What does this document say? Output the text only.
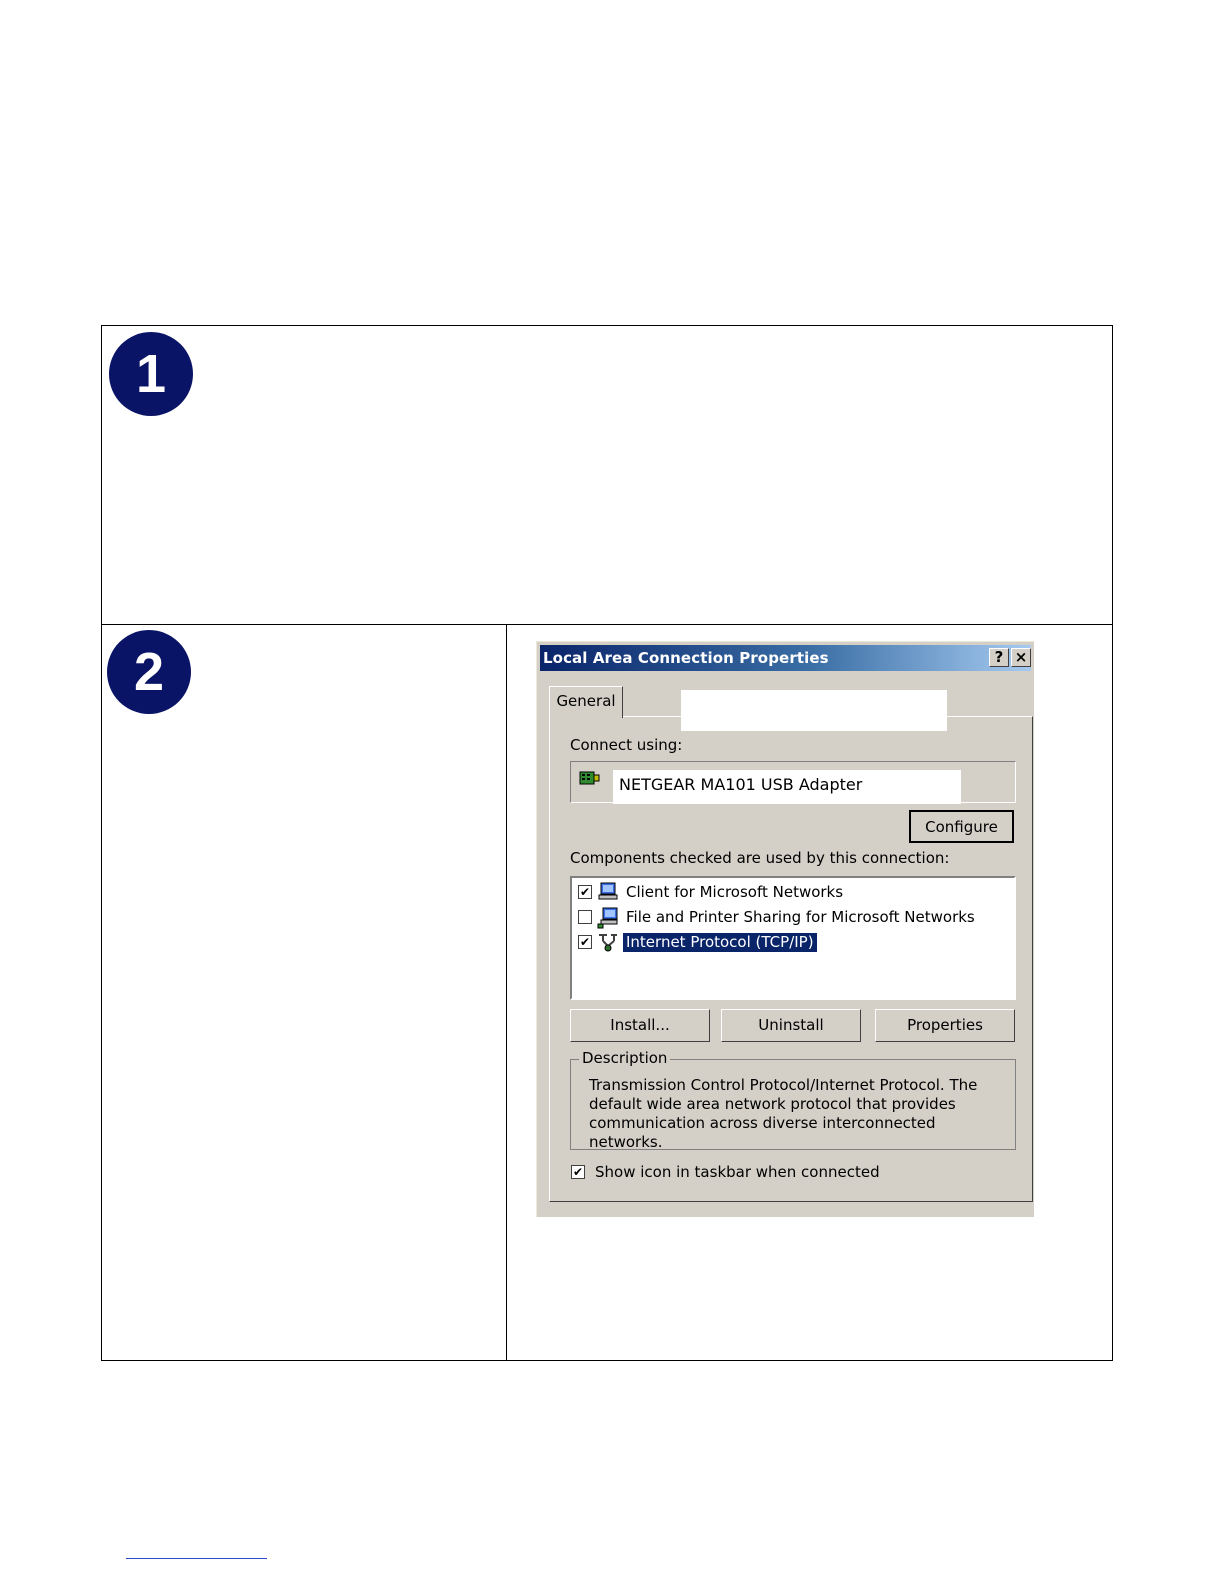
1
2	Local Area Connection Properties	? ×
General
Connect using:
NETGEAR MA101 USB Adapter
Configure
Components checked are used by this connection:
✔ Client for Microsoft Networks
File and Printer Sharing for Microsoft Networks
✔ Internet Protocol (TCP/IP)
Install...	Uninstall	Properties
Description
Transmission Control Protocol/Internet Protocol. The default wide area network protocol that provides communication across diverse interconnected networks.
✔ Show icon in taskbar when connected
